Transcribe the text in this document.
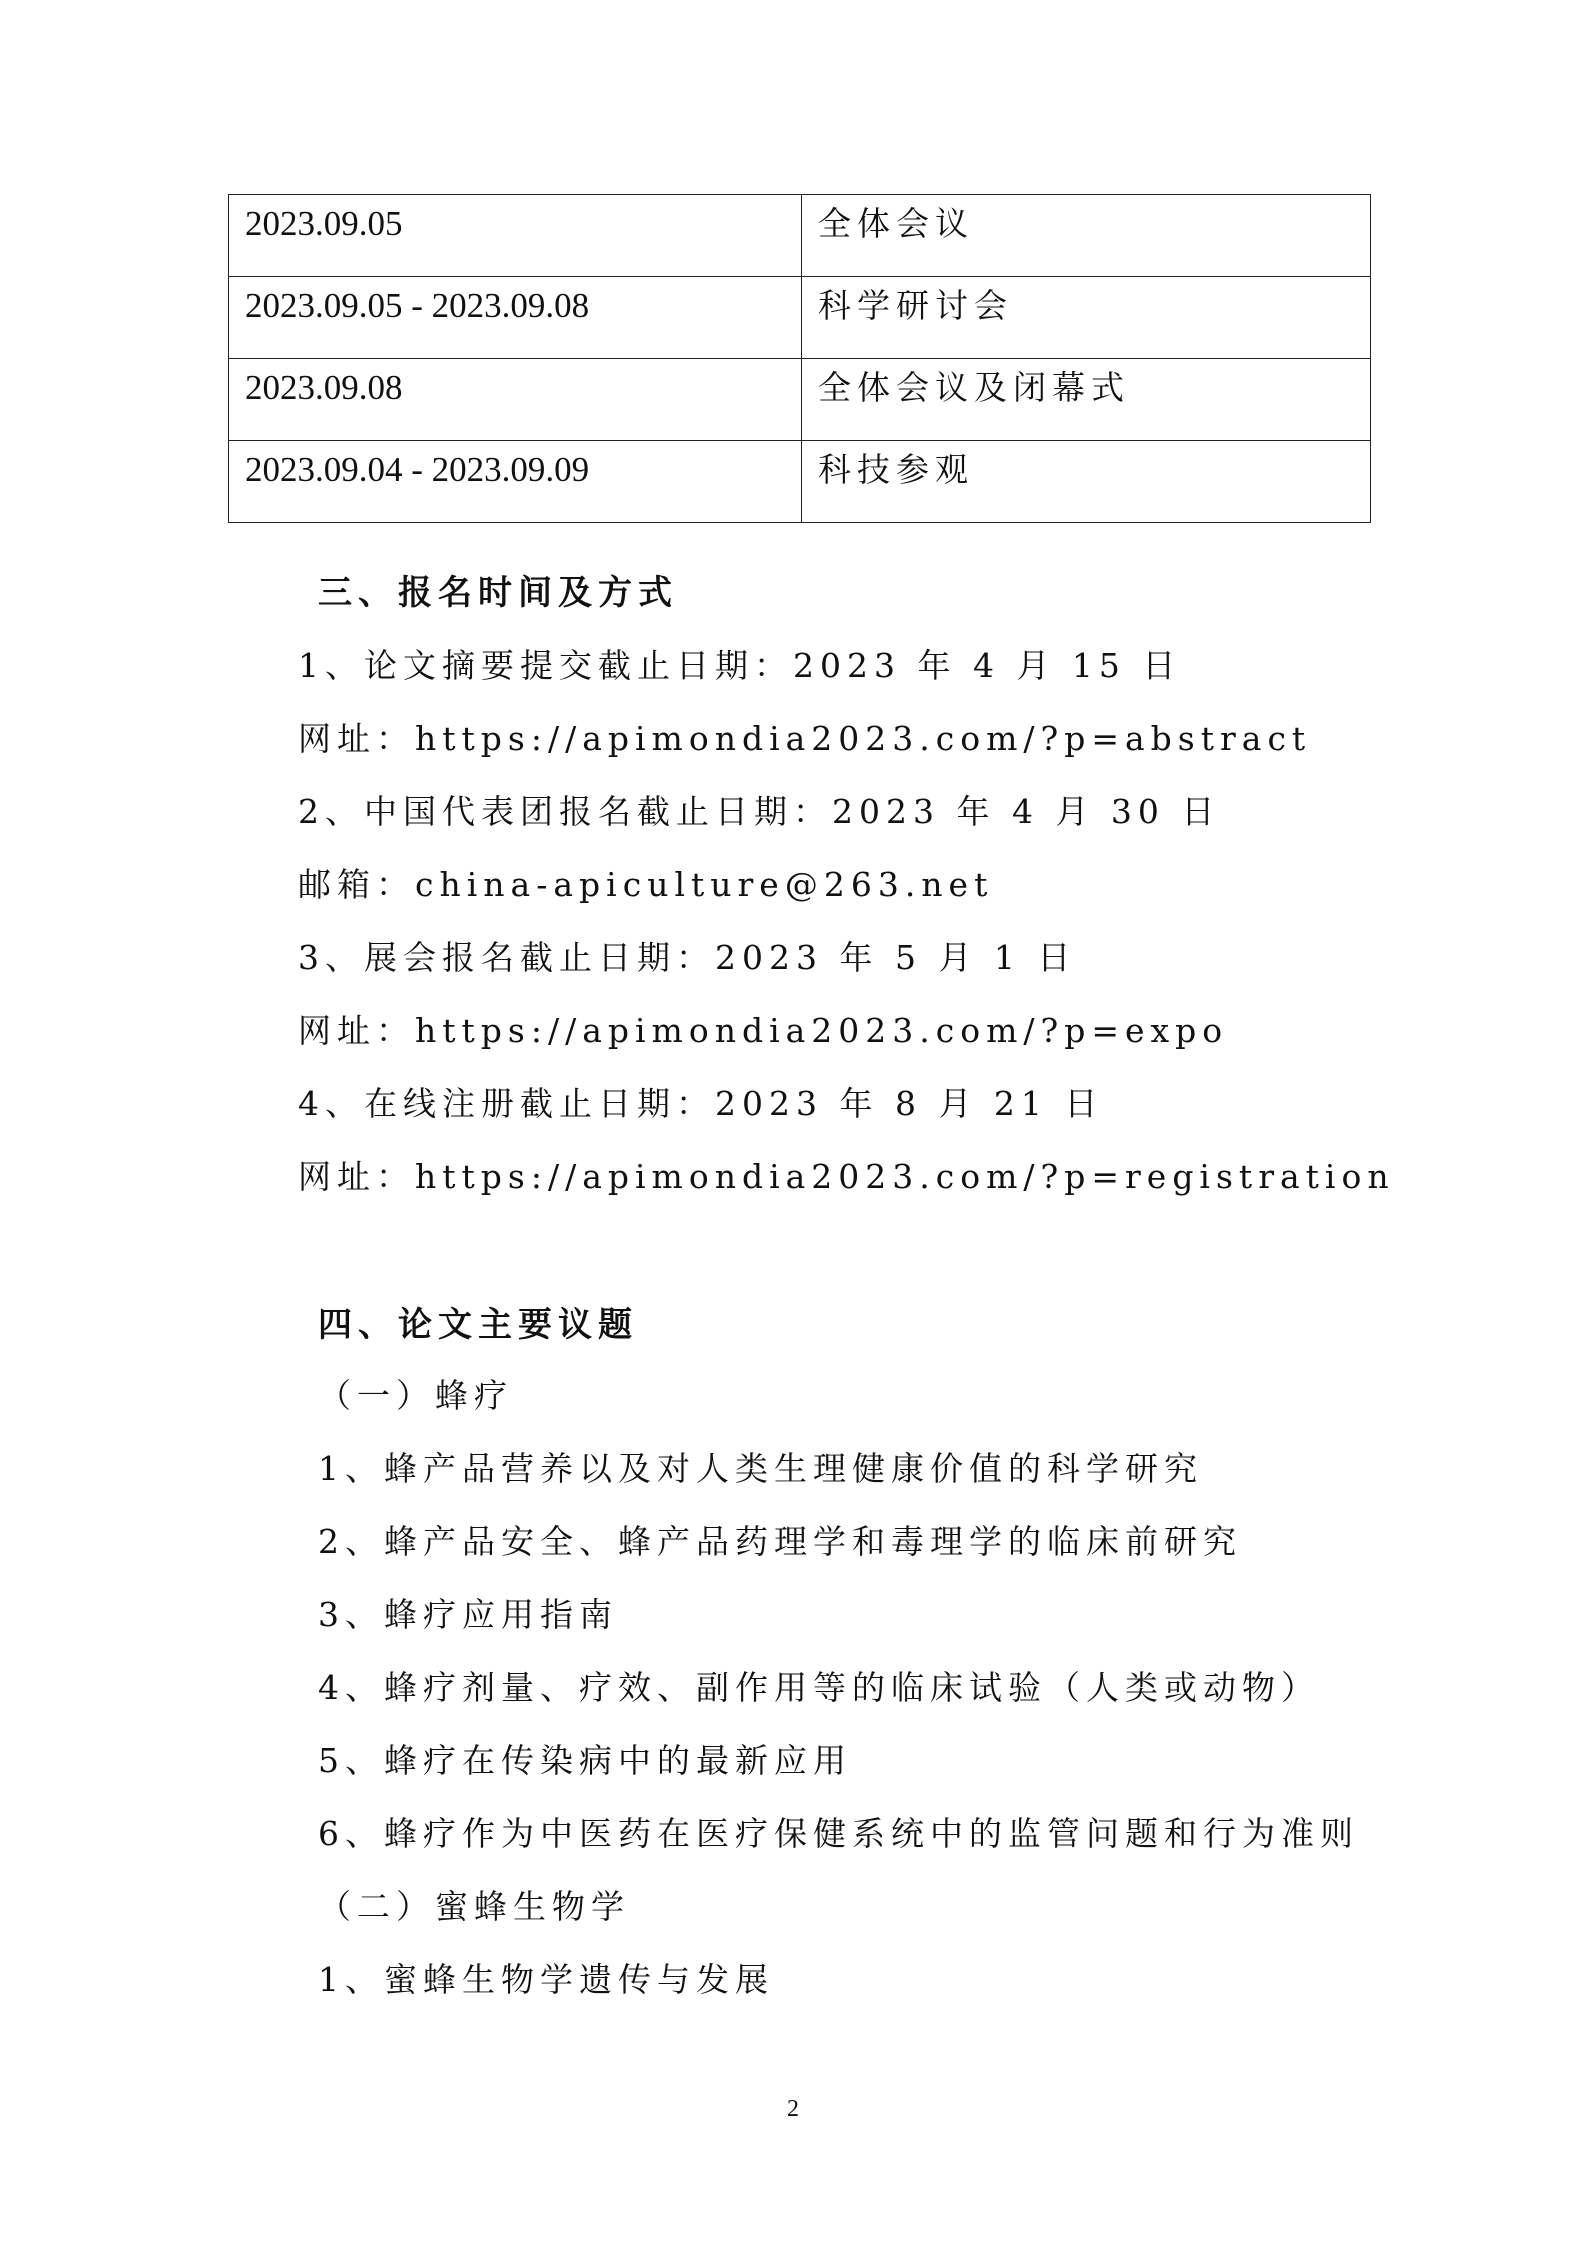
2023.09.05	全体会议
2023.09.05 - 2023.09.08	科学研讨会
2023.09.08	全体会议及闭幕式
2023.09.04 - 2023.09.09	科技参观
三、报名时间及方式
1、论文摘要提交截止日期：2023 年 4 月 15 日
网址：https://apimondia2023.com/?p=abstract
2、中国代表团报名截止日期：2023 年 4 月 30 日
邮箱：china-apiculture@263.net
3、展会报名截止日期：2023 年 5 月 1 日
网址：https://apimondia2023.com/?p=expo
4、在线注册截止日期：2023 年 8 月 21 日
网址：https://apimondia2023.com/?p=registration
四、论文主要议题
（一）蜂疗
1、蜂产品营养以及对人类生理健康价值的科学研究
2、蜂产品安全、蜂产品药理学和毒理学的临床前研究
3、蜂疗应用指南
4、蜂疗剂量、疗效、副作用等的临床试验（人类或动物）
5、蜂疗在传染病中的最新应用
6、蜂疗作为中医药在医疗保健系统中的监管问题和行为准则
（二）蜜蜂生物学
1、蜜蜂生物学遗传与发展
2
